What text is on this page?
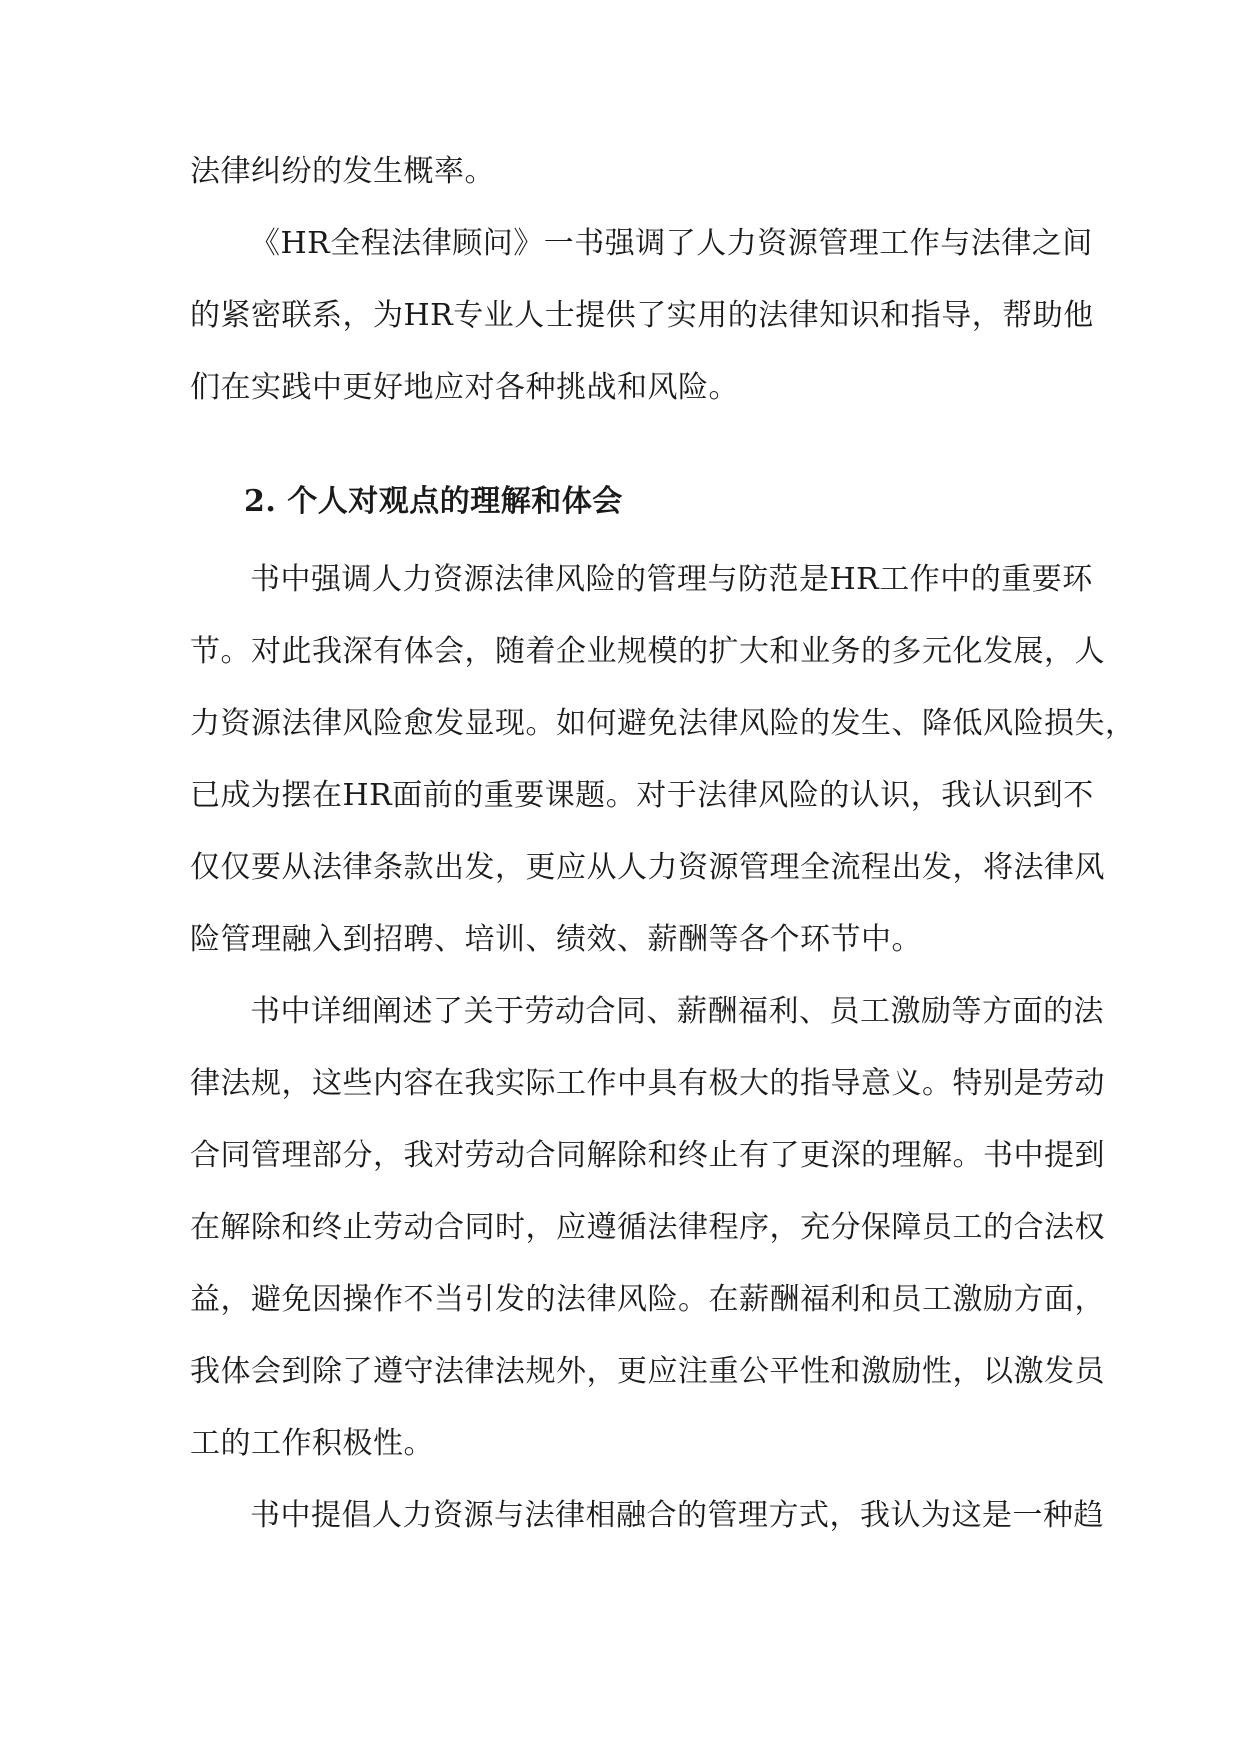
法律纠纷的发生概率。
《HR全程法律顾问》一书强调了人力资源管理工作与法律之间
的紧密联系，为HR专业人士提供了实用的法律知识和指导，帮助他
们在实践中更好地应对各种挑战和风险。
2. 个人对观点的理解和体会
书中强调人力资源法律风险的管理与防范是HR工作中的重要环
节。对此我深有体会，随着企业规模的扩大和业务的多元化发展，人
力资源法律风险愈发显现。如何避免法律风险的发生、降低风险损失，
已成为摆在HR面前的重要课题。对于法律风险的认识，我认识到不
仅仅要从法律条款出发，更应从人力资源管理全流程出发，将法律风
险管理融入到招聘、培训、绩效、薪酬等各个环节中。
书中详细阐述了关于劳动合同、薪酬福利、员工激励等方面的法
律法规，这些内容在我实际工作中具有极大的指导意义。特别是劳动
合同管理部分，我对劳动合同解除和终止有了更深的理解。书中提到
在解除和终止劳动合同时，应遵循法律程序，充分保障员工的合法权
益，避免因操作不当引发的法律风险。在薪酬福利和员工激励方面，
我体会到除了遵守法律法规外，更应注重公平性和激励性，以激发员
工的工作积极性。
书中提倡人力资源与法律相融合的管理方式，我认为这是一种趋
